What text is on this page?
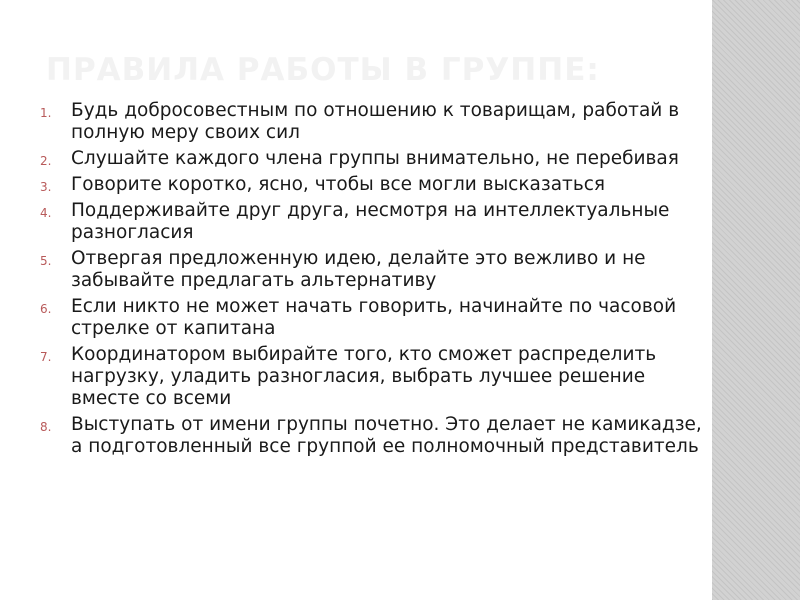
ПРАВИЛА РАБОТЫ В ГРУППЕ:
1. Будь добросовестным по отношению к товарищам, работай в полную меру своих сил
2. Слушайте каждого члена группы внимательно, не перебивая
3. Говорите коротко, ясно, чтобы все могли высказаться
4. Поддерживайте друг друга, несмотря на интеллектуальные разногласия
5. Отвергая предложенную идею, делайте это вежливо и не забывайте предлагать альтернативу
6. Если никто не может начать говорить, начинайте по часовой стрелке от капитана
7. Координатором выбирайте того, кто сможет распределить нагрузку, уладить разногласия, выбрать лучшее решение вместе со всеми
8. Выступать от имени группы почетно. Это делает не камикадзе, а подготовленный все группой ее полномочный представитель
